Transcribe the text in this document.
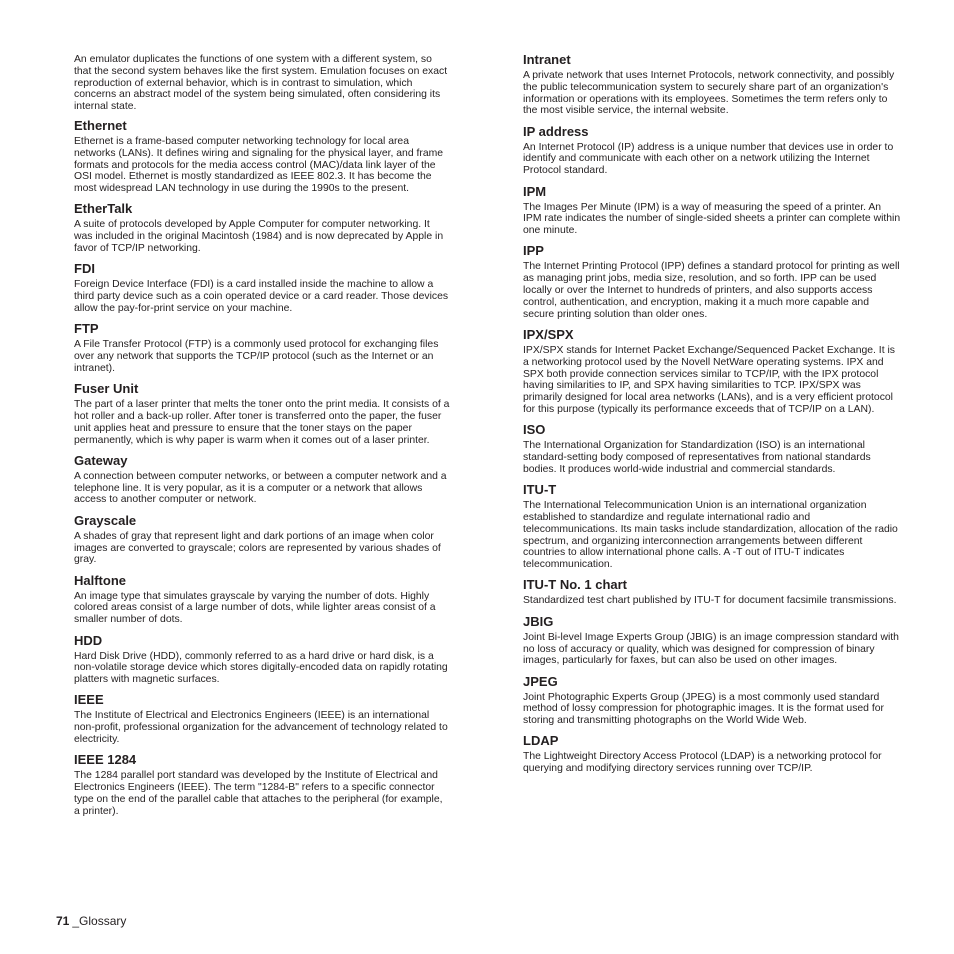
An emulator duplicates the functions of one system with a different system, so that the second system behaves like the first system. Emulation focuses on exact reproduction of external behavior, which is in contrast to simulation, which concerns an abstract model of the system being simulated, often considering its internal state.

Ethernet

Ethernet is a frame-based computer networking technology for local area networks (LANs). It defines wiring and signaling for the physical layer, and frame formats and protocols for the media access control (MAC)/data link layer of the OSI model. Ethernet is mostly standardized as IEEE 802.3. It has become the most widespread LAN technology in use during the 1990s to the present.

EtherTalk

A suite of protocols developed by Apple Computer for computer networking. It was included in the original Macintosh (1984) and is now deprecated by Apple in favor of TCP/IP networking.

FDI

Foreign Device Interface (FDI) is a card installed inside the machine to allow a third party device such as a coin operated device or a card reader. Those devices allow the pay-for-print service on your machine.

FTP

A File Transfer Protocol (FTP) is a commonly used protocol for exchanging files over any network that supports the TCP/IP protocol (such as the Internet or an intranet).

Fuser Unit

The part of a laser printer that melts the toner onto the print media. It consists of a hot roller and a back-up roller. After toner is transferred onto the paper, the fuser unit applies heat and pressure to ensure that the toner stays on the paper permanently, which is why paper is warm when it comes out of a laser printer.

Gateway

A connection between computer networks, or between a computer network and a telephone line. It is very popular, as it is a computer or a network that allows access to another computer or network.

Grayscale

A shades of gray that represent light and dark portions of an image when color images are converted to grayscale; colors are represented by various shades of gray.

Halftone

An image type that simulates grayscale by varying the number of dots. Highly colored areas consist of a large number of dots, while lighter areas consist of a smaller number of dots.

HDD

Hard Disk Drive (HDD), commonly referred to as a hard drive or hard disk, is a non-volatile storage device which stores digitally-encoded data on rapidly rotating platters with magnetic surfaces.

IEEE

The Institute of Electrical and Electronics Engineers (IEEE) is an international non-profit, professional organization for the advancement of technology related to electricity.

IEEE 1284

The 1284 parallel port standard was developed by the Institute of Electrical and Electronics Engineers (IEEE). The term "1284-B" refers to a specific connector type on the end of the parallel cable that attaches to the peripheral (for example, a printer).

Intranet

A private network that uses Internet Protocols, network connectivity, and possibly the public telecommunication system to securely share part of an organization's information or operations with its employees. Sometimes the term refers only to the most visible service, the internal website.

IP address

An Internet Protocol (IP) address is a unique number that devices use in order to identify and communicate with each other on a network utilizing the Internet Protocol standard.

IPM

The Images Per Minute (IPM) is a way of measuring the speed of a printer. An IPM rate indicates the number of single-sided sheets a printer can complete within one minute.

IPP

The Internet Printing Protocol (IPP) defines a standard protocol for printing as well as managing print jobs, media size, resolution, and so forth. IPP can be used locally or over the Internet to hundreds of printers, and also supports access control, authentication, and encryption, making it a much more capable and secure printing solution than older ones.

IPX/SPX

IPX/SPX stands for Internet Packet Exchange/Sequenced Packet Exchange. It is a networking protocol used by the Novell NetWare operating systems. IPX and SPX both provide connection services similar to TCP/IP, with the IPX protocol having similarities to IP, and SPX having similarities to TCP. IPX/SPX was primarily designed for local area networks (LANs), and is a very efficient protocol for this purpose (typically its performance exceeds that of TCP/IP on a LAN).

ISO

The International Organization for Standardization (ISO) is an international standard-setting body composed of representatives from national standards bodies. It produces world-wide industrial and commercial standards.

ITU-T

The International Telecommunication Union is an international organization established to standardize and regulate international radio and telecommunications. Its main tasks include standardization, allocation of the radio spectrum, and organizing interconnection arrangements between different countries to allow international phone calls. A -T out of ITU-T indicates telecommunication.

ITU-T No. 1 chart

Standardized test chart published by ITU-T for document facsimile transmissions.

JBIG

Joint Bi-level Image Experts Group (JBIG) is an image compression standard with no loss of accuracy or quality, which was designed for compression of binary images, particularly for faxes, but can also be used on other images.

JPEG

Joint Photographic Experts Group (JPEG) is a most commonly used standard method of lossy compression for photographic images. It is the format used for storing and transmitting photographs on the World Wide Web.

LDAP

The Lightweight Directory Access Protocol (LDAP) is a networking protocol for querying and modifying directory services running over TCP/IP.

71 _Glossary
